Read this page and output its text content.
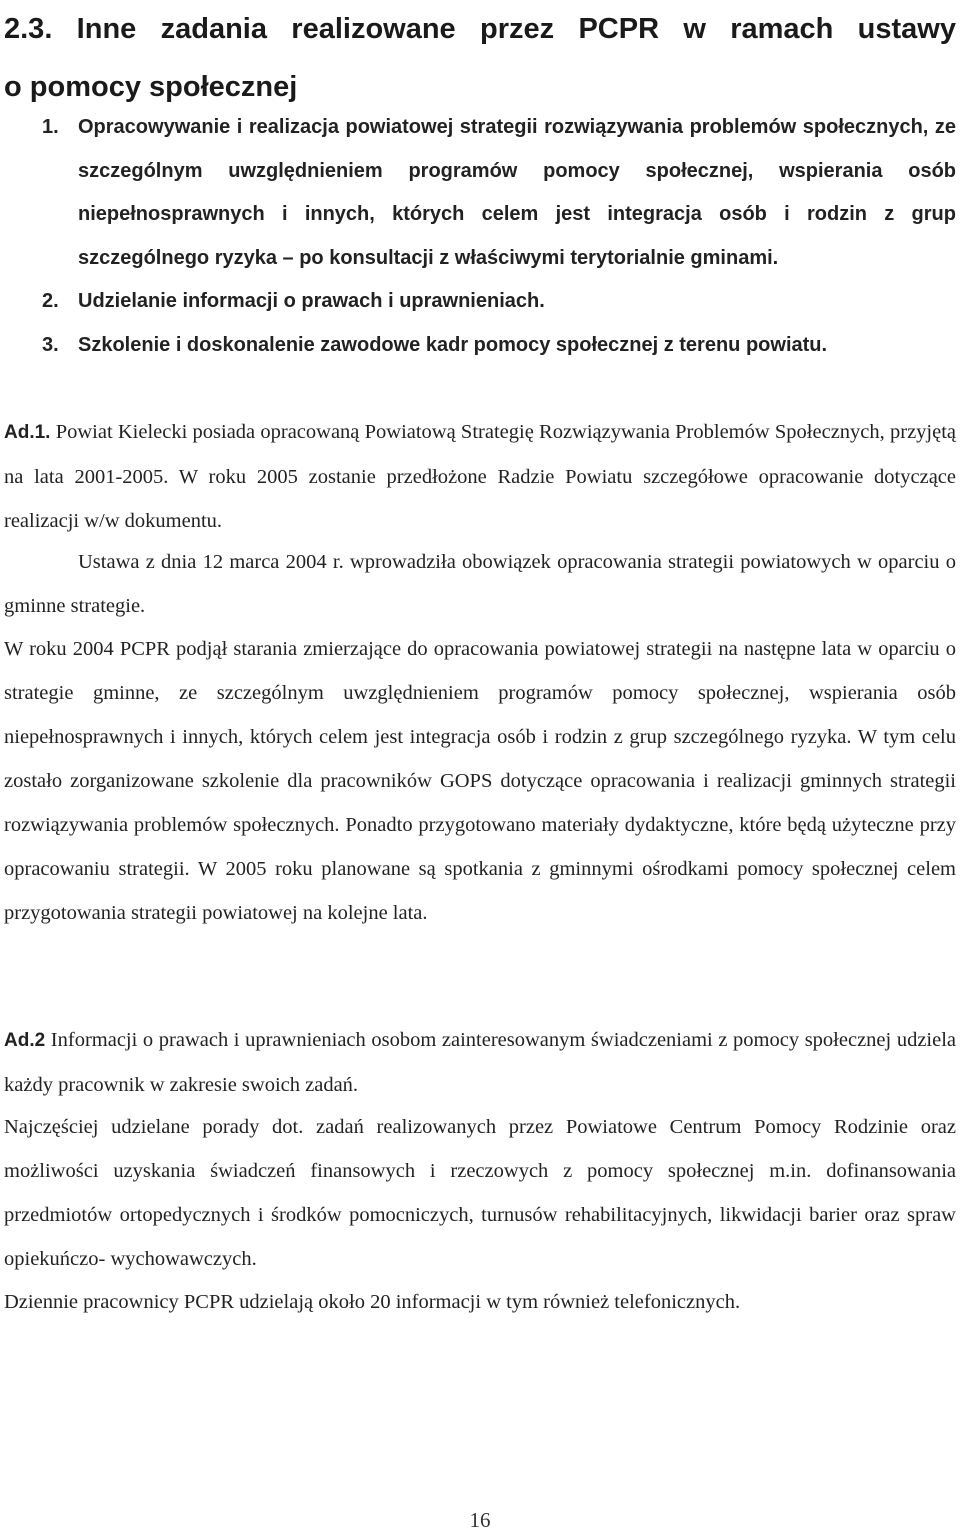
2.3. Inne zadania realizowane przez PCPR w ramach ustawy
o pomocy społecznej
1. Opracowywanie i realizacja powiatowej strategii rozwiązywania problemów społecznych, ze szczególnym uwzględnieniem programów pomocy społecznej, wspierania osób niepełnosprawnych i innych, których celem jest integracja osób i rodzin z grup szczególnego ryzyka – po konsultacji z właściwymi terytorialnie gminami.
2. Udzielanie informacji o prawach i uprawnieniach.
3. Szkolenie i doskonalenie zawodowe kadr pomocy społecznej z terenu powiatu.

Ad.1. Powiat Kielecki posiada opracowaną Powiatową Strategię Rozwiązywania Problemów Społecznych, przyjętą na lata 2001-2005. W roku 2005 zostanie przedłożone Radzie Powiatu szczegółowe opracowanie dotyczące realizacji w/w dokumentu.

Ustawa z dnia 12 marca 2004 r. wprowadziła obowiązek opracowania strategii powiatowych w oparciu o gminne strategie.

W roku 2004 PCPR podjął starania zmierzające do opracowania powiatowej strategii na następne lata w oparciu o strategie gminne, ze szczególnym uwzględnieniem programów pomocy społecznej, wspierania osób niepełnosprawnych i innych, których celem jest integracja osób i rodzin z grup szczególnego ryzyka. W tym celu zostało zorganizowane szkolenie dla pracowników GOPS dotyczące opracowania i realizacji gminnych strategii rozwiązywania problemów społecznych. Ponadto przygotowano materiały dydaktyczne, które będą użyteczne przy opracowaniu strategii. W 2005 roku planowane są spotkania z gminnymi ośrodkami pomocy społecznej celem przygotowania strategii powiatowej na kolejne lata.

Ad.2 Informacji o prawach i uprawnieniach osobom zainteresowanym świadczeniami z pomocy społecznej udziela każdy pracownik w zakresie swoich zadań.

Najczęściej udzielane porady dot. zadań realizowanych przez Powiatowe Centrum Pomocy Rodzinie oraz możliwości uzyskania świadczeń finansowych i rzeczowych z pomocy społecznej m.in. dofinansowania przedmiotów ortopedycznych i środków pomocniczych, turnusów rehabilitacyjnych, likwidacji barier oraz spraw opiekuńczo- wychowawczych.

Dziennie pracownicy PCPR udzielają około 20 informacji w tym również telefonicznych.

16
